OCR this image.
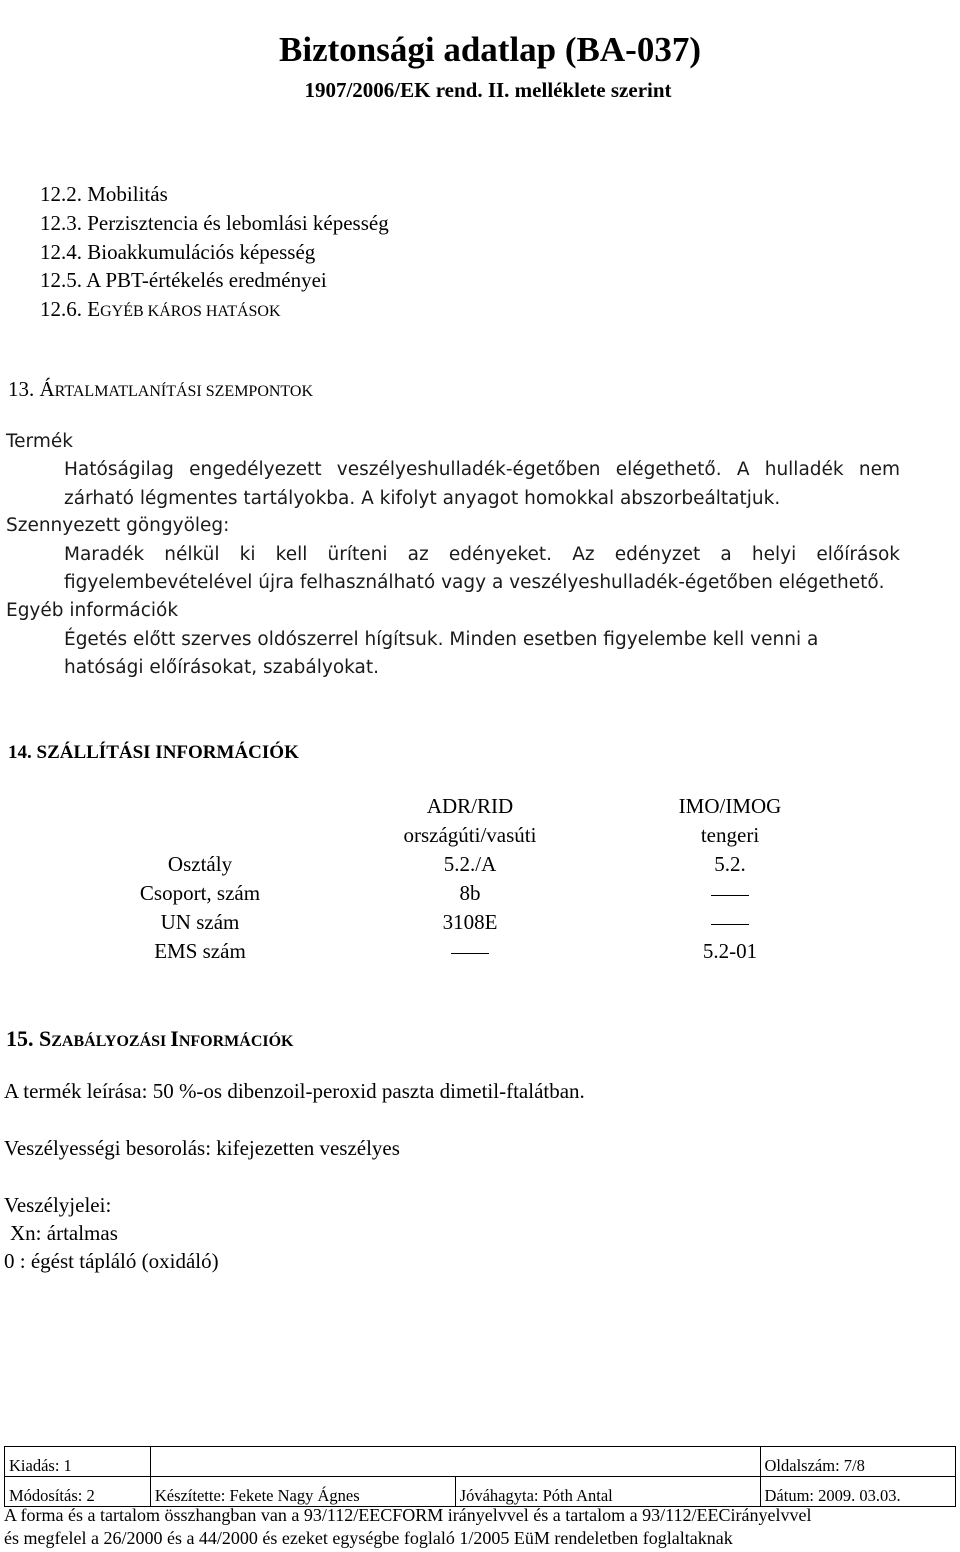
Biztonsági adatlap (BA-037)
1907/2006/EK rend. II. melléklete szerint
12.2. Mobilitás
12.3. Perzisztencia és lebomlási képesség
12.4. Bioakkumulációs képesség
12.5. A PBT-értékelés eredményei
12.6. EGYÉB KÁROS HATÁSOK
13. ÁRTALMATLANÍTÁSI SZEMPONTOK
Termék
Hatóságilag engedélyezett veszélyeshulladék-égetőben elégethető. A hulladék nem
zárható légmentes tartályokba. A kifolyt anyagot homokkal abszorbeáltatjuk.
Szennyezett göngyöleg:
Maradék nélkül ki kell üríteni az edényeket. Az edényzet a helyi előírások
figyelembevételével újra felhasználható vagy a veszélyeshulladék-égetőben elégethető.
Egyéb információk
Égetés előtt szerves oldószerrel hígítsuk. Minden esetben figyelembe kell venni a
hatósági előírásokat, szabályokat.
14. SZÁLLÍTÁSI INFORMÁCIÓK
	ADR/RID	IMO/IMOG
	országúti/vasúti	tengeri
Osztály	5.2./A	5.2.
Csoport, szám	8b	
UN szám	3108E	
EMS szám		5.2-01
15. SZABÁLYOZÁSI INFORMÁCIÓK
A termék leírása: 50 %-os dibenzoil-peroxid paszta dimetil-ftalátban.
Veszélyességi besorolás: kifejezetten veszélyes
Veszélyjelei:
Xn: ártalmas
0 : égést tápláló (oxidáló)
Kiadás: 1			Oldalszám: 7/8
Módosítás: 2	Készítette: Fekete Nagy Ágnes	Jóváhagyta: Póth Antal	Dátum: 2009. 03.03.
A forma és a tartalom összhangban van a 93/112/EECFORM irányelvvel és a tartalom a 93/112/EECirányelvvel
és megfelel a 26/2000 és a 44/2000 és ezeket egységbe foglaló 1/2005 EüM rendeletben foglaltaknak
